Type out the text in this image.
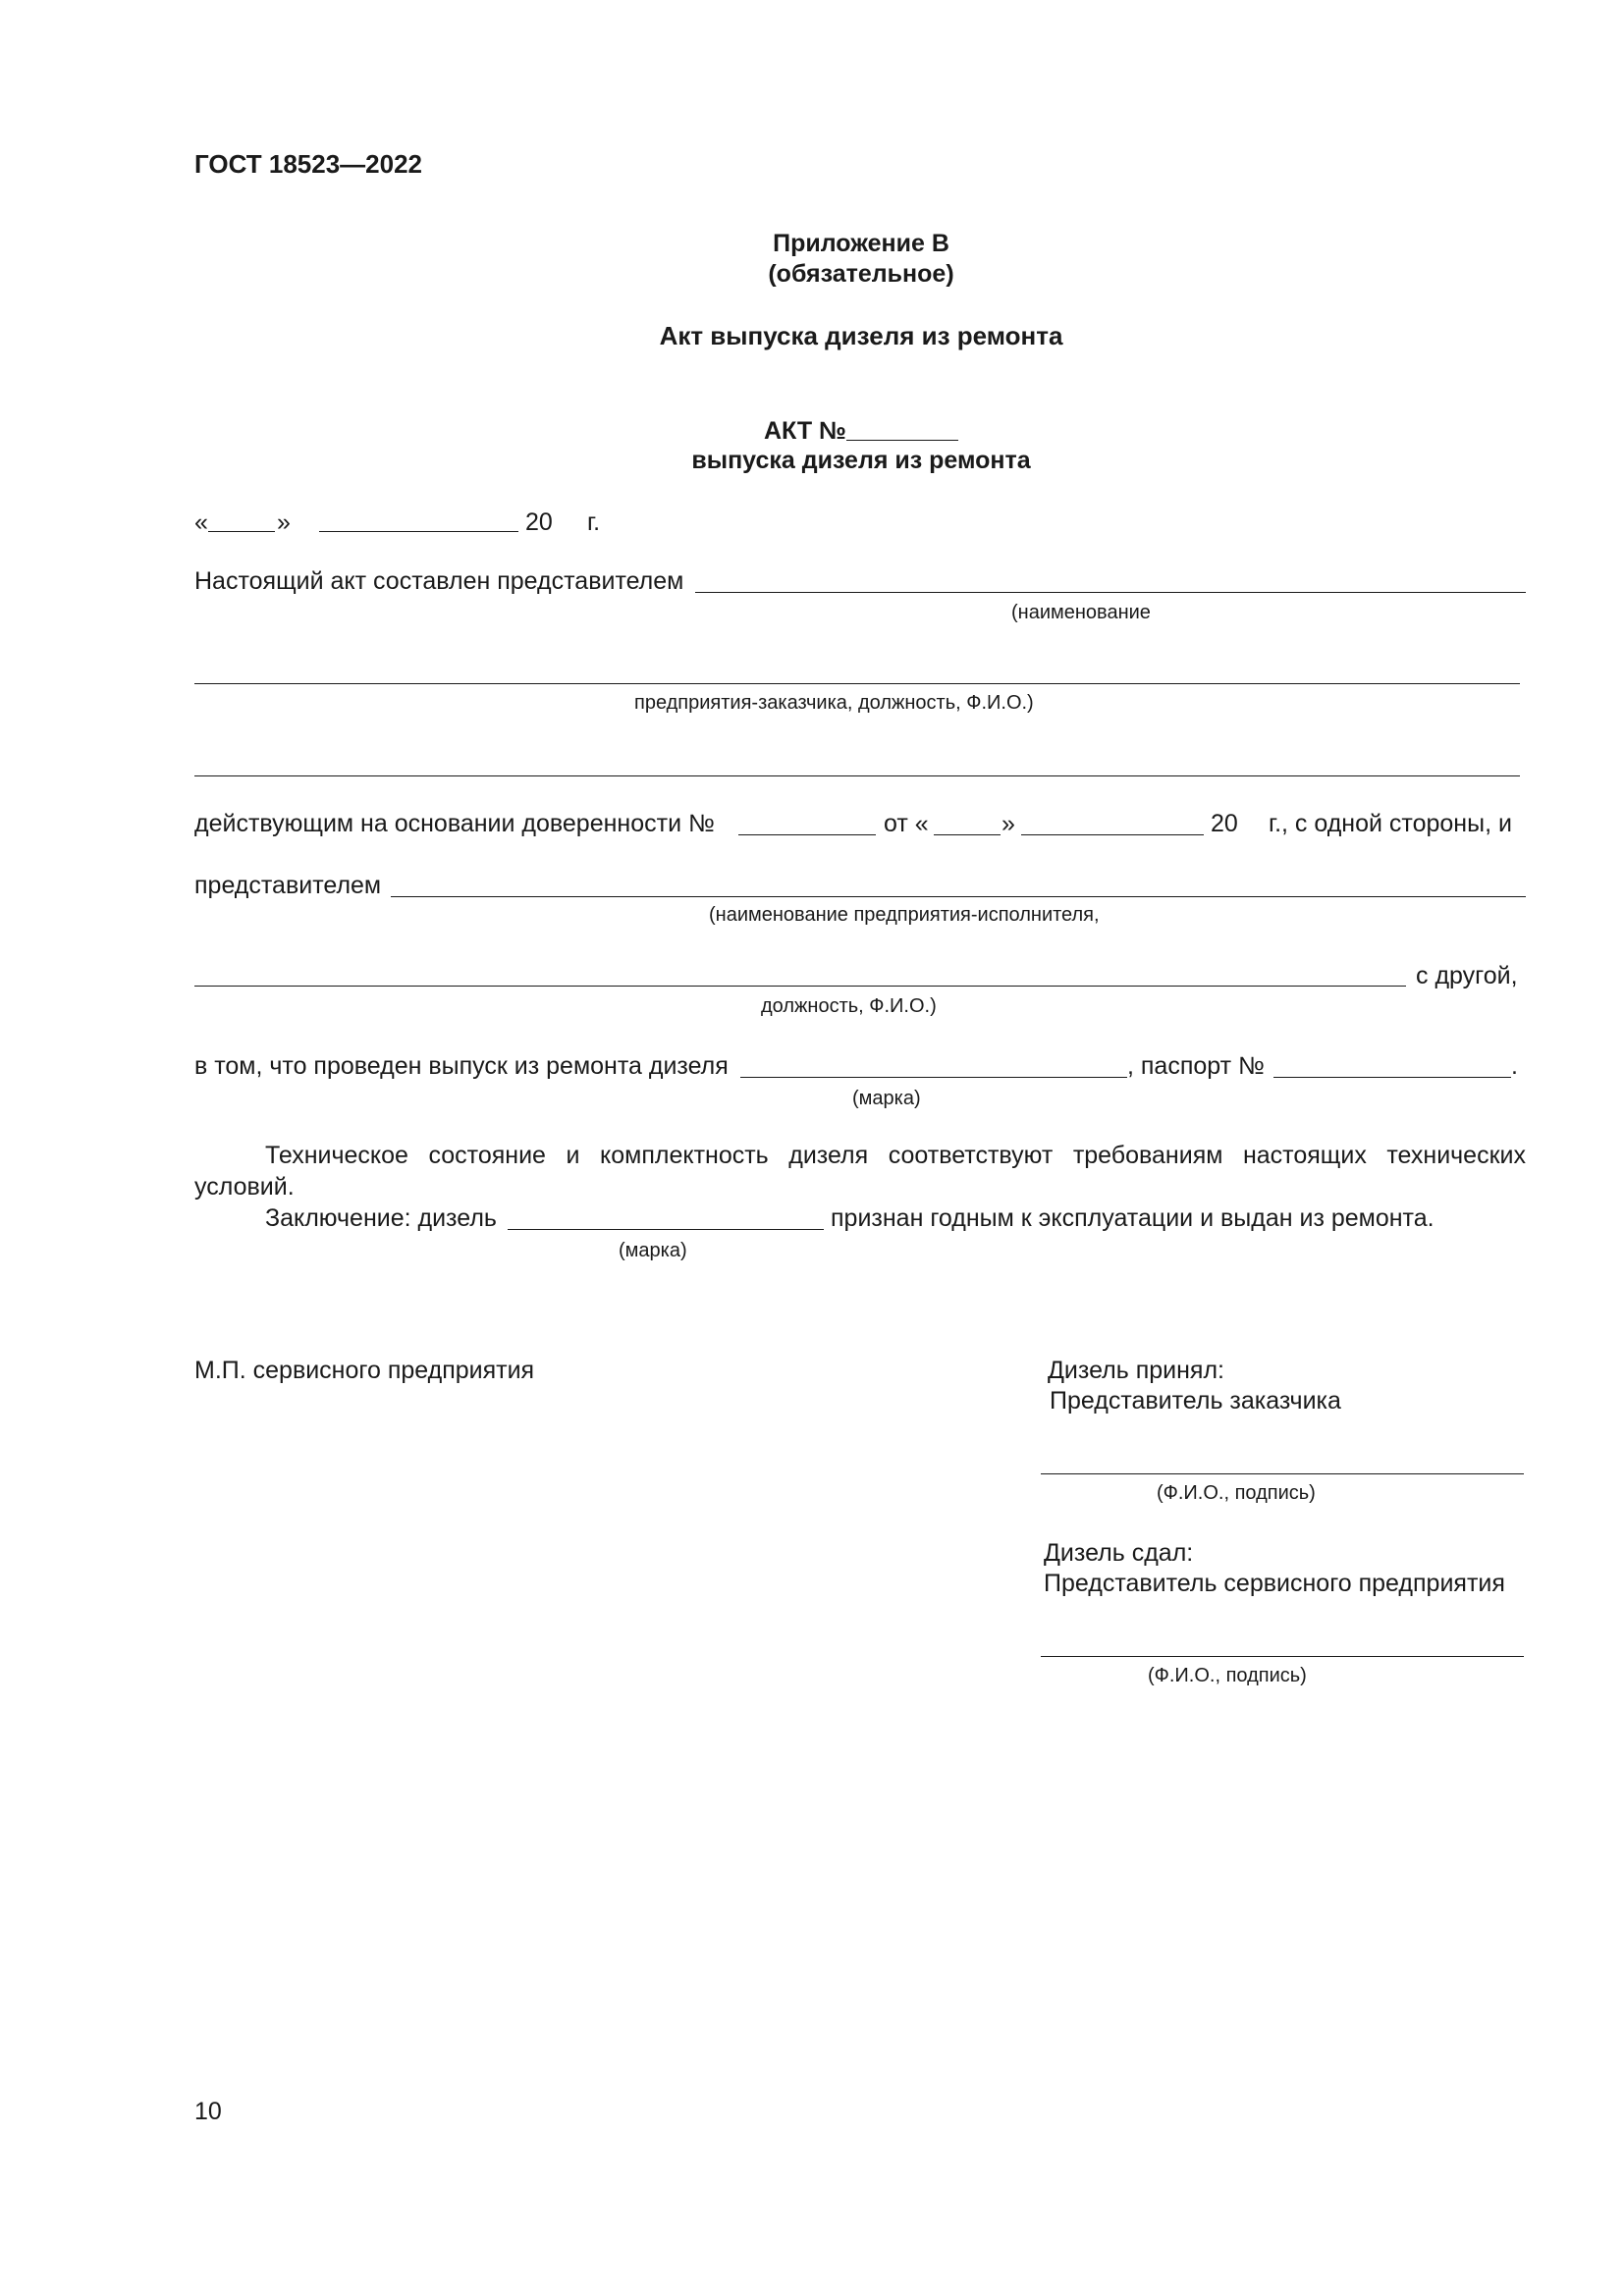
ГОСТ 18523—2022
Приложение В
(обязательное)
Акт выпуска дизеля из ремонта
АКТ №
выпуска дизеля из ремонта
«	»	20 г.
Настоящий акт составлен представителем
(наименование
предприятия-заказчика, должность, Ф.И.О.)
действующим на основании доверенности №	от «	»	20 г., с одной стороны, и
представителем
(наименование предприятия-исполнителя,
с другой,
должность, Ф.И.О.)
в том, что проведен выпуск из ремонта дизеля	, паспорт №	.
(марка)
Техническое состояние и комплектность дизеля соответствуют требованиям настоящих технических
условий.
Заключение: дизель	признан годным к эксплуатации и выдан из ремонта.
(марка)
М.П. сервисного предприятия	Дизель принял:
Представитель заказчика
(Ф.И.О., подпись)
Дизель сдал:
Представитель сервисного предприятия
(Ф.И.О., подпись)
10
